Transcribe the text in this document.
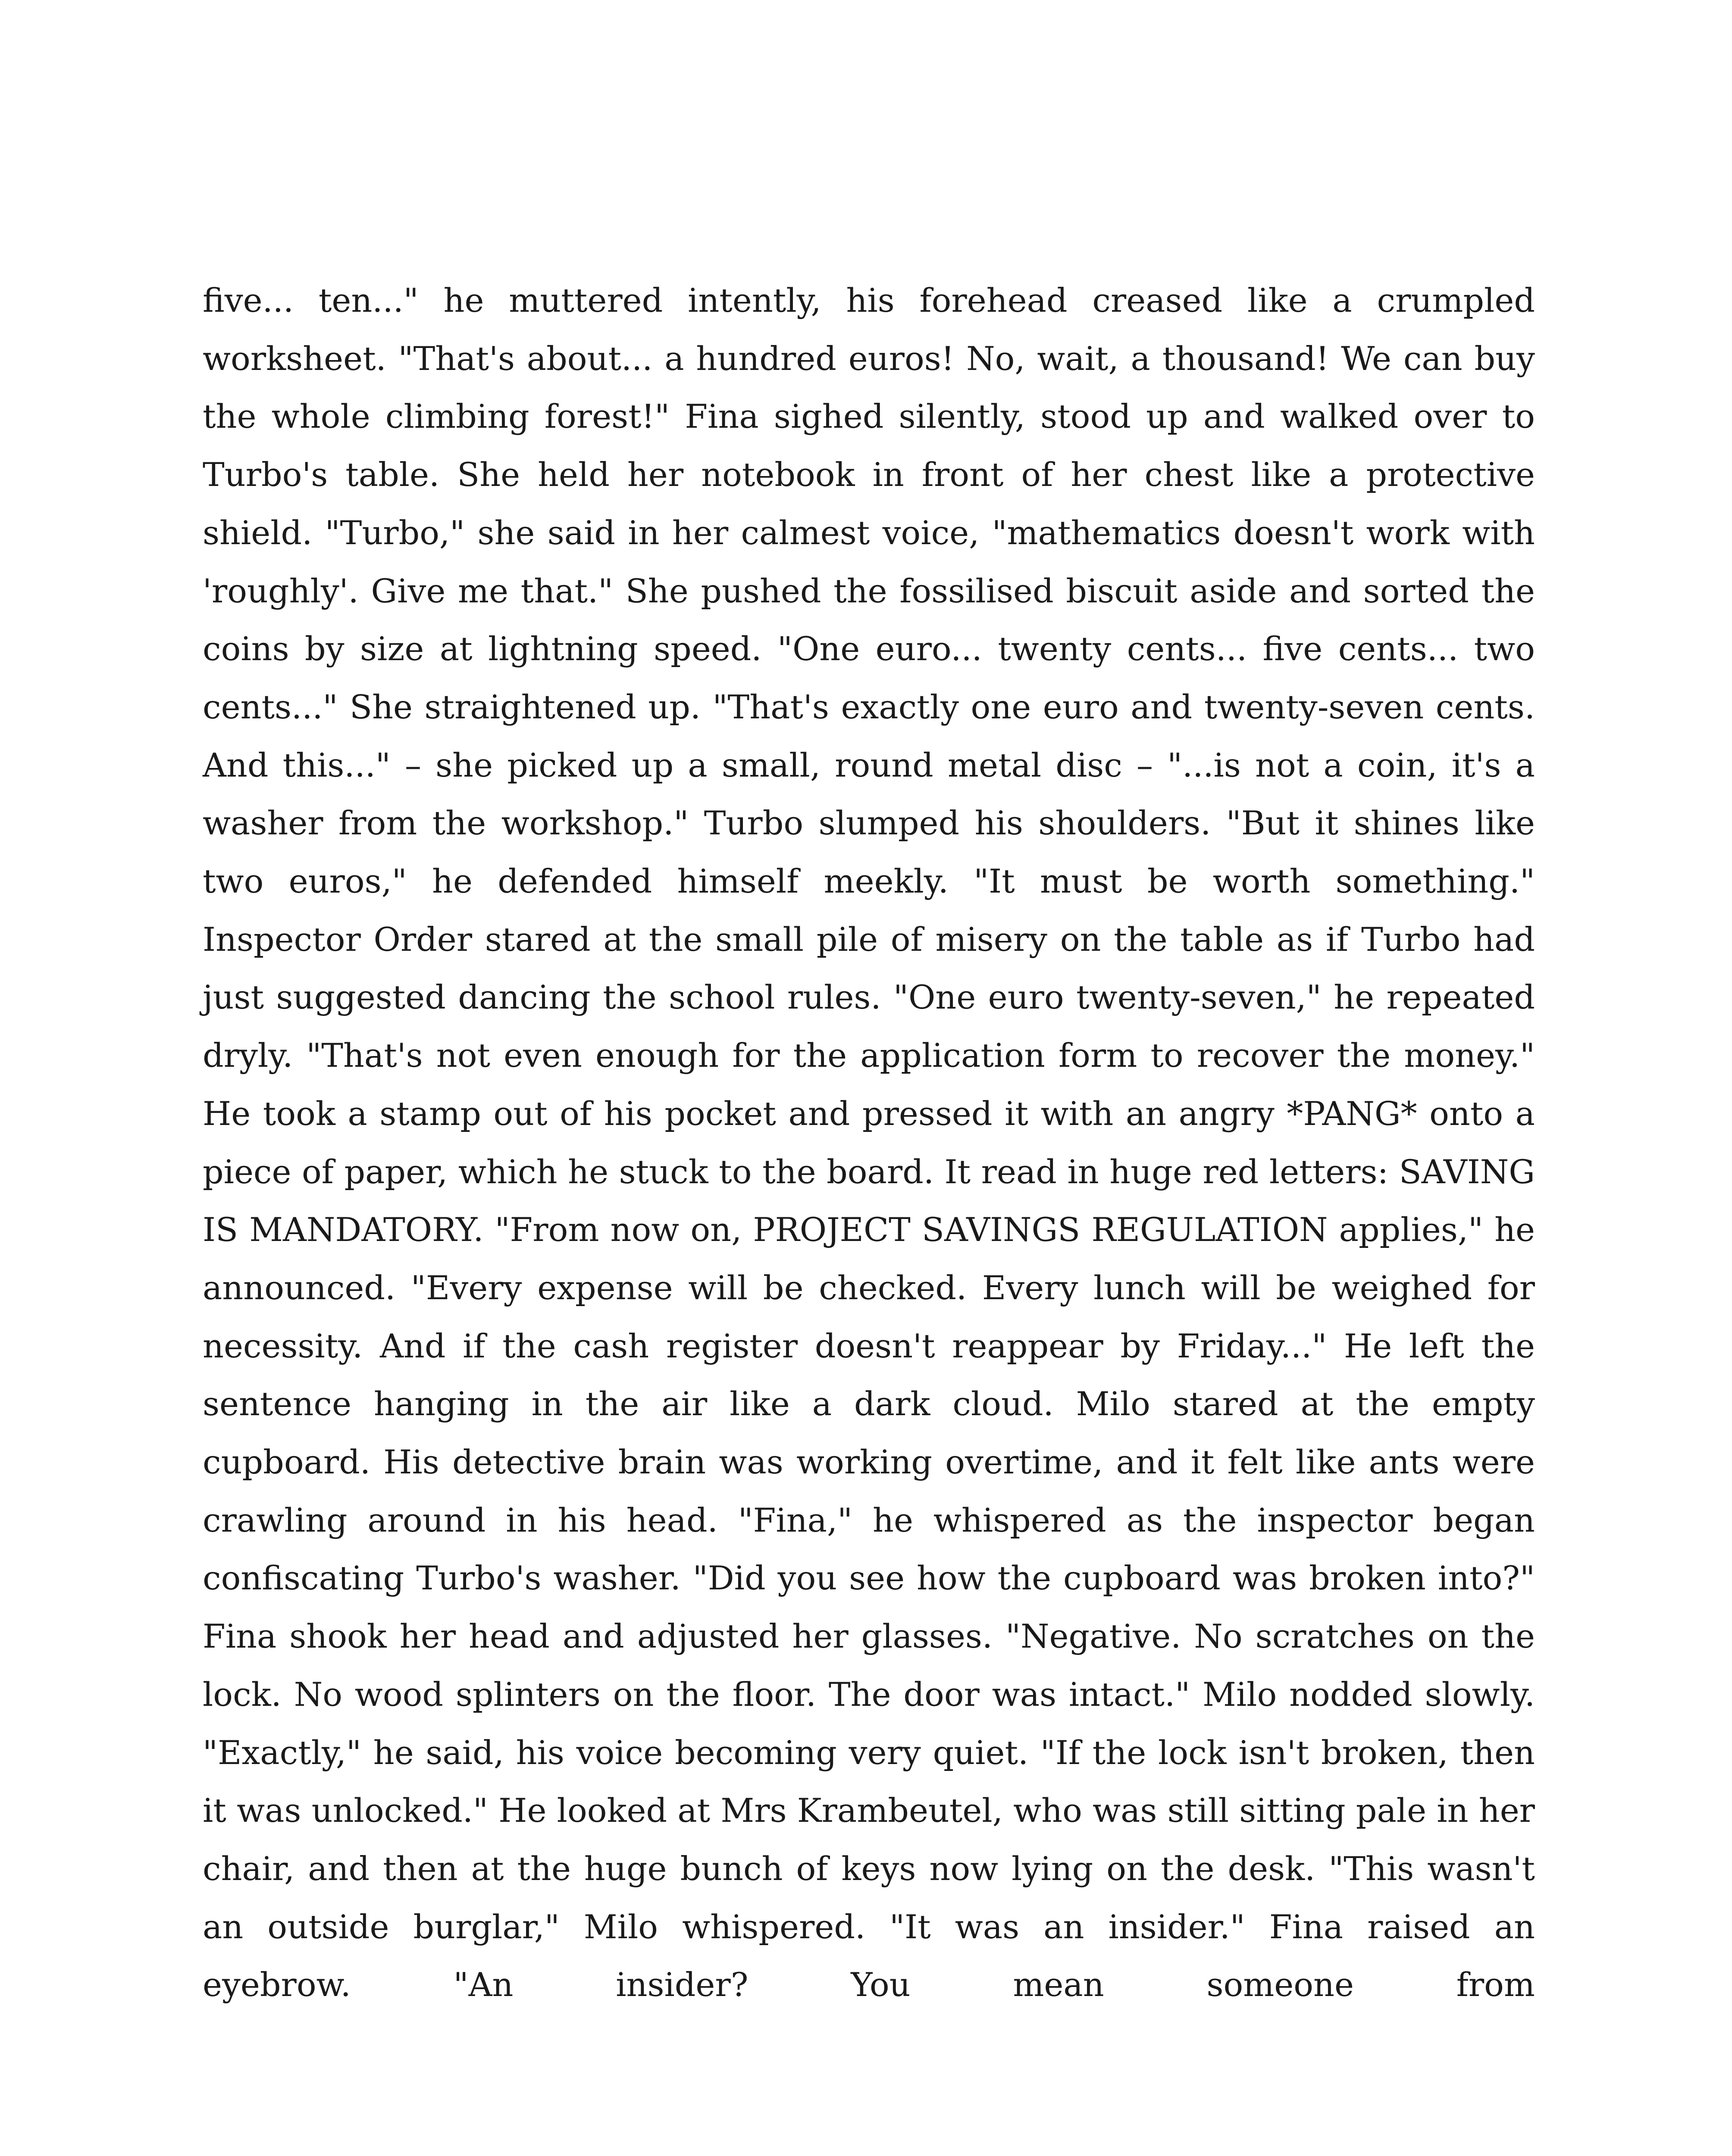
five... ten..." he muttered intently, his forehead creased like a crumpled worksheet. "That's about... a hundred euros! No, wait, a thousand! We can buy the whole climbing forest!" Fina sighed silently, stood up and walked over to Turbo's table. She held her notebook in front of her chest like a protective shield. "Turbo," she said in her calmest voice, "mathematics doesn't work with 'roughly'. Give me that." She pushed the fossilised biscuit aside and sorted the coins by size at lightning speed. "One euro... twenty cents... five cents... two cents..." She straightened up. "That's exactly one euro and twenty-seven cents. And this..." – she picked up a small, round metal disc – "...is not a coin, it's a washer from the workshop." Turbo slumped his shoulders. "But it shines like two euros," he defended himself meekly. "It must be worth something." Inspector Order stared at the small pile of misery on the table as if Turbo had just suggested dancing the school rules. "One euro twenty-seven," he repeated dryly. "That's not even enough for the application form to recover the money." He took a stamp out of his pocket and pressed it with an angry *PANG* onto a piece of paper, which he stuck to the board. It read in huge red letters: SAVING IS MANDATORY. "From now on, PROJECT SAVINGS REGULATION applies," he announced. "Every expense will be checked. Every lunch will be weighed for necessity. And if the cash register doesn't reappear by Friday..." He left the sentence hanging in the air like a dark cloud. Milo stared at the empty cupboard. His detective brain was working overtime, and it felt like ants were crawling around in his head. "Fina," he whispered as the inspector began confiscating Turbo's washer. "Did you see how the cupboard was broken into?" Fina shook her head and adjusted her glasses. "Negative. No scratches on the lock. No wood splinters on the floor. The door was intact." Milo nodded slowly. "Exactly," he said, his voice becoming very quiet. "If the lock isn't broken, then it was unlocked." He looked at Mrs Krambeutel, who was still sitting pale in her chair, and then at the huge bunch of keys now lying on the desk. "This wasn't an outside burglar," Milo whispered. "It was an insider." Fina raised an eyebrow. "An insider? You mean someone from
